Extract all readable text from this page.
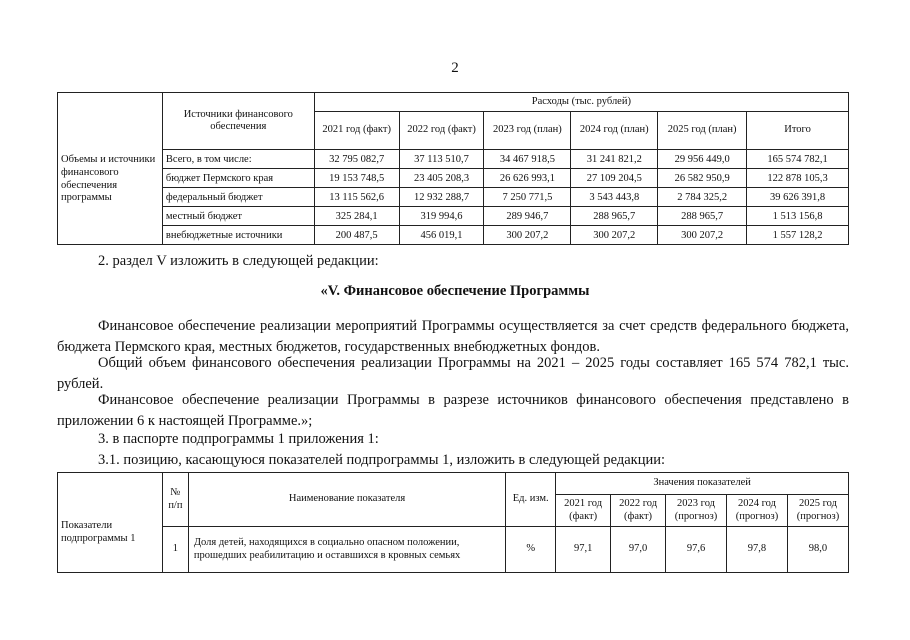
2
Объемы и источники финансового обеспечения программы	Источники финансового обеспечения	Расходы (тыс. рублей)					
		2021 год (факт)	2022 год (факт)	2023 год (план)	2024 год (план)	2025 год (план)	Итого
	Всего, в том числе:	32 795 082,7	37 113 510,7	34 467 918,5	31 241 821,2	29 956 449,0	165 574 782,1
	бюджет Пермского края	19 153 748,5	23 405 208,3	26 626 993,1	27 109 204,5	26 582 950,9	122 878 105,3
	федеральный бюджет	13 115 562,6	12 932 288,7	7 250 771,5	3 543 443,8	2 784 325,2	39 626 391,8
	местный бюджет	325 284,1	319 994,6	289 946,7	288 965,7	288 965,7	1 513 156,8
	внебюджетные источники	200 487,5	456 019,1	300 207,2	300 207,2	300 207,2	1 557 128,2
2. раздел V изложить в следующей редакции:
«V. Финансовое обеспечение Программы
Финансовое обеспечение реализации мероприятий Программы осуществляется за счет средств федерального бюджета, бюджета Пермского края, местных бюджетов, государственных внебюджетных фондов.
Общий объем финансового обеспечения реализации Программы на 2021 – 2025 годы составляет 165 574 782,1 тыс. рублей.
Финансовое обеспечение реализации Программы в разрезе источников финансового обеспечения представлено в приложении 6 к настоящей Программе.»;
3. в паспорте подпрограммы 1 приложения 1:
3.1. позицию, касающуюся показателей подпрограммы 1, изложить в следующей редакции:
Показатели подпрограммы 1	№ п/п	Наименование показателя	Ед. изм.	Значения показателей				
				2021 год (факт)	2022 год (факт)	2023 год (прогноз)	2024 год (прогноз)	2025 год (прогноз)
	1	Доля детей, находящихся в социально опасном положении, прошедших реабилитацию и оставшихся в кровных семьях	%	97,1	97,0	97,6	97,8	98,0
